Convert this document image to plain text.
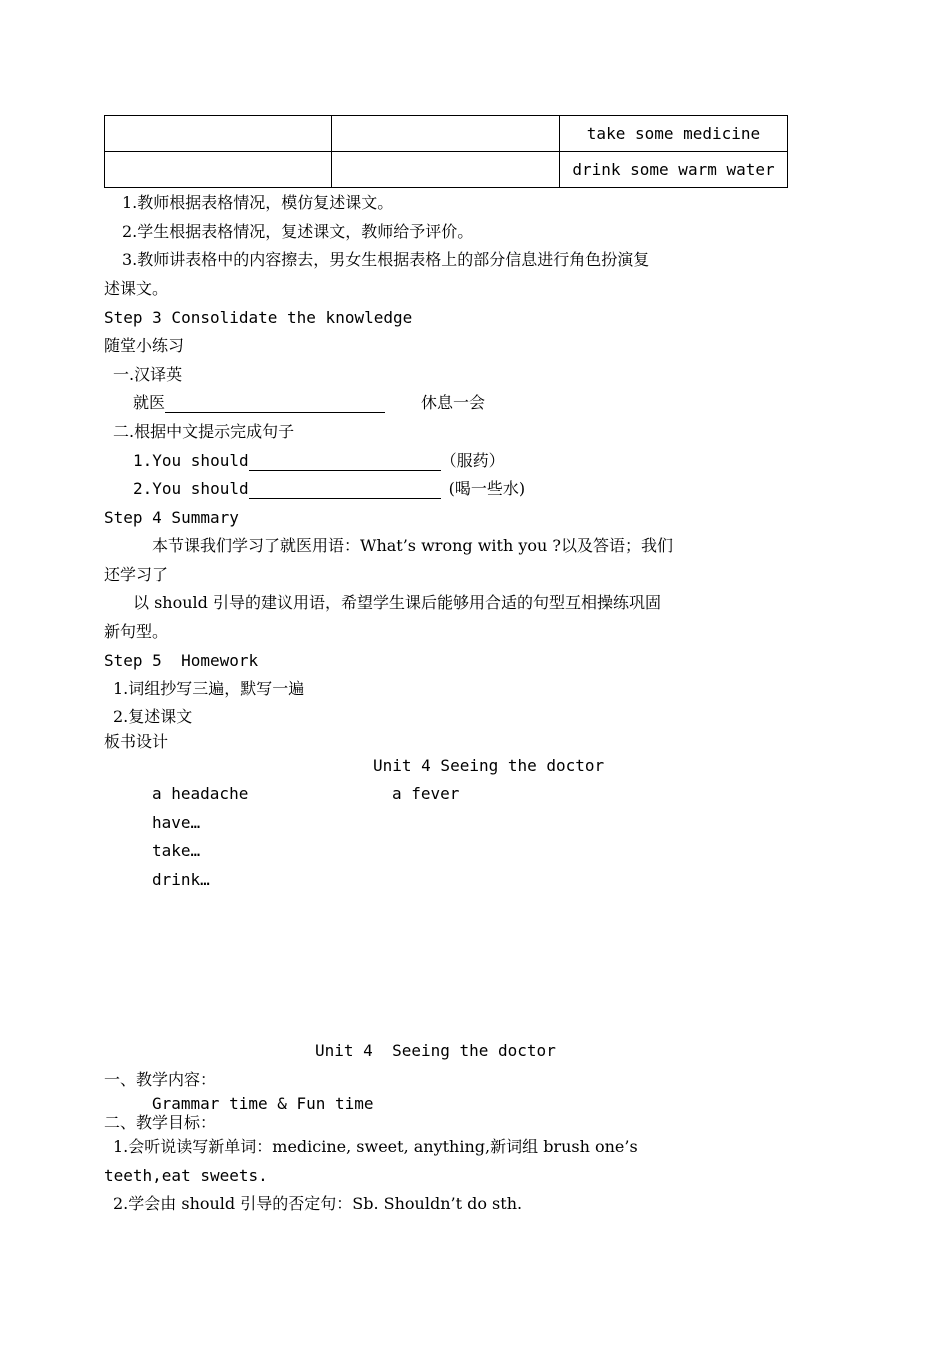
		take some medicine
		drink some warm water
1.教师根据表格情况，模仿复述课文。
2.学生根据表格情况，复述课文，教师给予评价。
3.教师讲表格中的内容擦去，男女生根据表格上的部分信息进行角色扮演复
述课文。
Step 3 Consolidate the knowledge
随堂小练习
一.汉译英
就医	休息一会
二.根据中文提示完成句子
1.You should	（服药）
2.You should	(喝一些水)
Step 4 Summary
本节课我们学习了就医用语：What’s wrong with you ?以及答语；我们
还学习了
以 should 引导的建议用语，希望学生课后能够用合适的句型互相操练巩固
新句型。
Step 5  Homework
1.词组抄写三遍，默写一遍
2.复述课文
板书设计
Unit 4 Seeing the doctor
a headache	a fever
have…
take…
drink…
Unit 4  Seeing the doctor
一、教学内容：
Grammar time & Fun time
二、教学目标：
1.会听说读写新单词：medicine, sweet, anything,新词组 brush one’s
teeth,eat sweets.
2.学会由 should 引导的否定句：Sb. Shouldn’t do sth.
